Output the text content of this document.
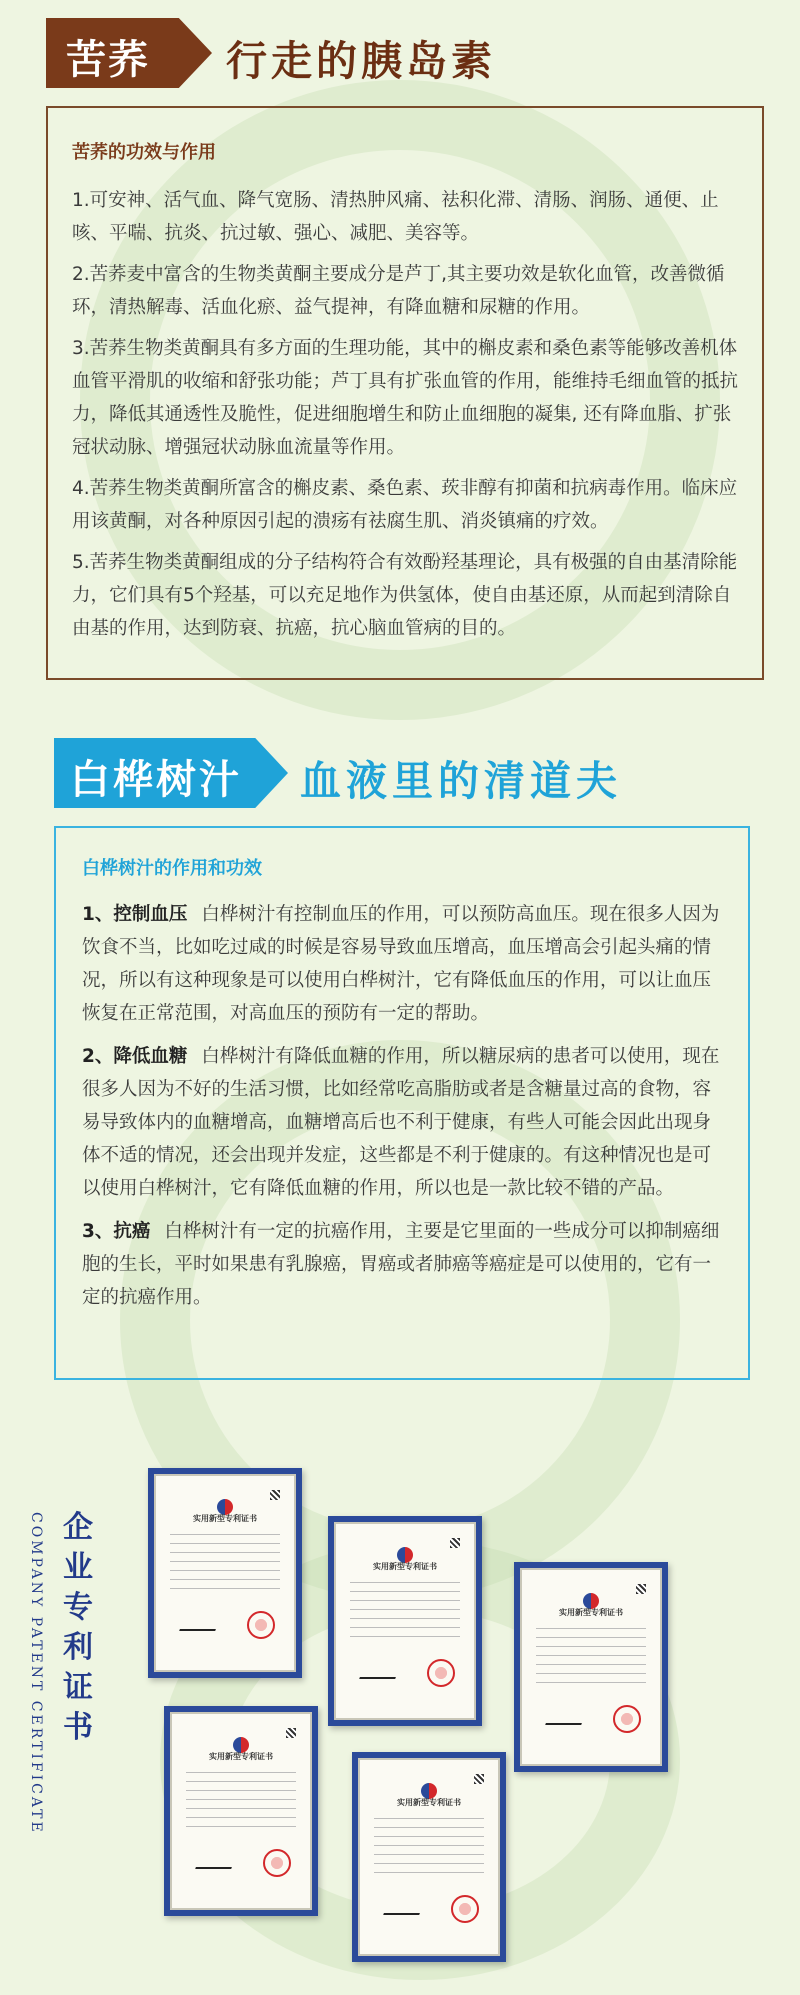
苦荞 行走的胰岛素
苦荞的功效与作用

1.可安神、活气血、降气宽肠、清热肿风痛、祛积化滞、清肠、润肠、通便、止咳、平喘、抗炎、抗过敏、强心、减肥、美容等。

2.苦荞麦中富含的生物类黄酮主要成分是芦丁,其主要功效是软化血管，改善微循环，清热解毒、活血化瘀、益气提神，有降血糖和尿糖的作用。

3.苦荞生物类黄酮具有多方面的生理功能，其中的槲皮素和桑色素等能够改善机体血管平滑肌的收缩和舒张功能；芦丁具有扩张血管的作用，能维持毛细血管的抵抗力，降低其通透性及脆性，促进细胞增生和防止血细胞的凝集, 还有降血脂、扩张冠状动脉、增强冠状动脉血流量等作用。

4.苦荞生物类黄酮所富含的槲皮素、桑色素、莰非醇有抑菌和抗病毒作用。临床应用该黄酮，对各种原因引起的溃疡有祛腐生肌、消炎镇痛的疗效。

5.苦荞生物类黄酮组成的分子结构符合有效酚羟基理论，具有极强的自由基清除能力，它们具有5个羟基，可以充足地作为供氢体，使自由基还原，从而起到清除自由基的作用，达到防衰、抗癌，抗心脑血管病的目的。

白桦树汁 血液里的清道夫
白桦树汁的作用和功效

1、控制血压 白桦树汁有控制血压的作用，可以预防高血压。现在很多人因为饮食不当，比如吃过咸的时候是容易导致血压增高，血压增高会引起头痛的情况，所以有这种现象是可以使用白桦树汁，它有降低血压的作用，可以让血压恢复在正常范围，对高血压的预防有一定的帮助。

2、降低血糖 白桦树汁有降低血糖的作用，所以糖尿病的患者可以使用，现在很多人因为不好的生活习惯，比如经常吃高脂肪或者是含糖量过高的食物，容易导致体内的血糖增高，血糖增高后也不利于健康，有些人可能会因此出现身体不适的情况，还会出现并发症，这些都是不利于健康的。有这种情况也是可以使用白桦树汁，它有降低血糖的作用，所以也是一款比较不错的产品。

3、抗癌 白桦树汁有一定的抗癌作用，主要是它里面的一些成分可以抑制癌细胞的生长，平时如果患有乳腺癌，胃癌或者肺癌等癌症是可以使用的，它有一定的抗癌作用。

COMPANY PATENT CERTIFICATE 企业专利证书
实用新型专利证书
实用新型专利证书
实用新型专利证书
实用新型专利证书
实用新型专利证书
